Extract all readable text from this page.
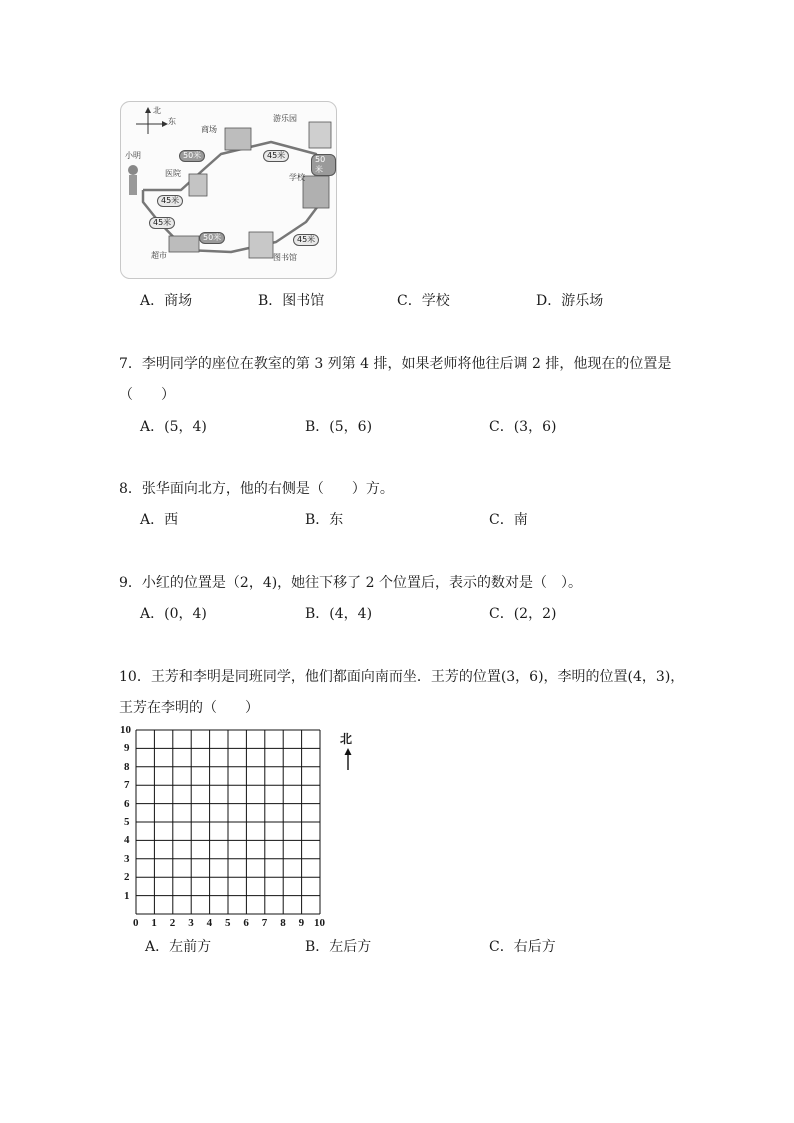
北
东
商场
游乐园
小明
医院	学校
超市	图书馆
50米	45米	50米
45米
45米
50米	45米
A．商场	B．图书馆	C．学校	D．游乐场
7．李明同学的座位在教室的第 3 列第 4 排，如果老师将他往后调 2 排，他现在的位置是
（　　）
A．(5，4)	B．(5，6)	C．(3，6)
8．张华面向北方，他的右侧是（　　）方。
A．西	B．东	C．南
9．小红的位置是（2，4)，她往下移了 2 个位置后，表示的数对是（　）。
A．(0，4)	B．(4，4)	C．(2，2)
10．王芳和李明是同班同学，他们都面向南而坐．王芳的位置(3，6)，李明的位置(4，3)，
王芳在李明的（　　）
北
0 1 2 3 4 5 6 7 8 9 10
1
2
3
4
5
6
7
8
9
10
A．左前方	B．左后方	C．右后方
